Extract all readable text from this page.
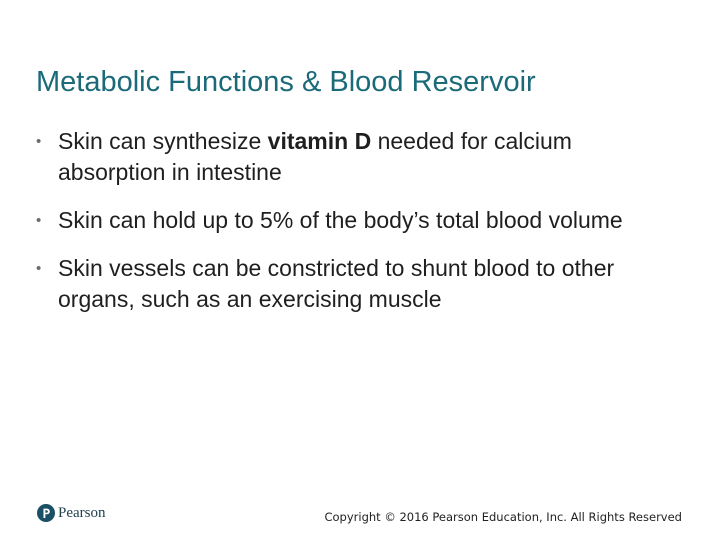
Metabolic Functions & Blood Reservoir
• Skin can synthesize vitamin D needed for calcium absorption in intestine
• Skin can hold up to 5% of the body’s total blood volume
• Skin vessels can be constricted to shunt blood to other organs, such as an exercising muscle
Pearson	Copyright © 2016 Pearson Education, Inc. All Rights Reserved
